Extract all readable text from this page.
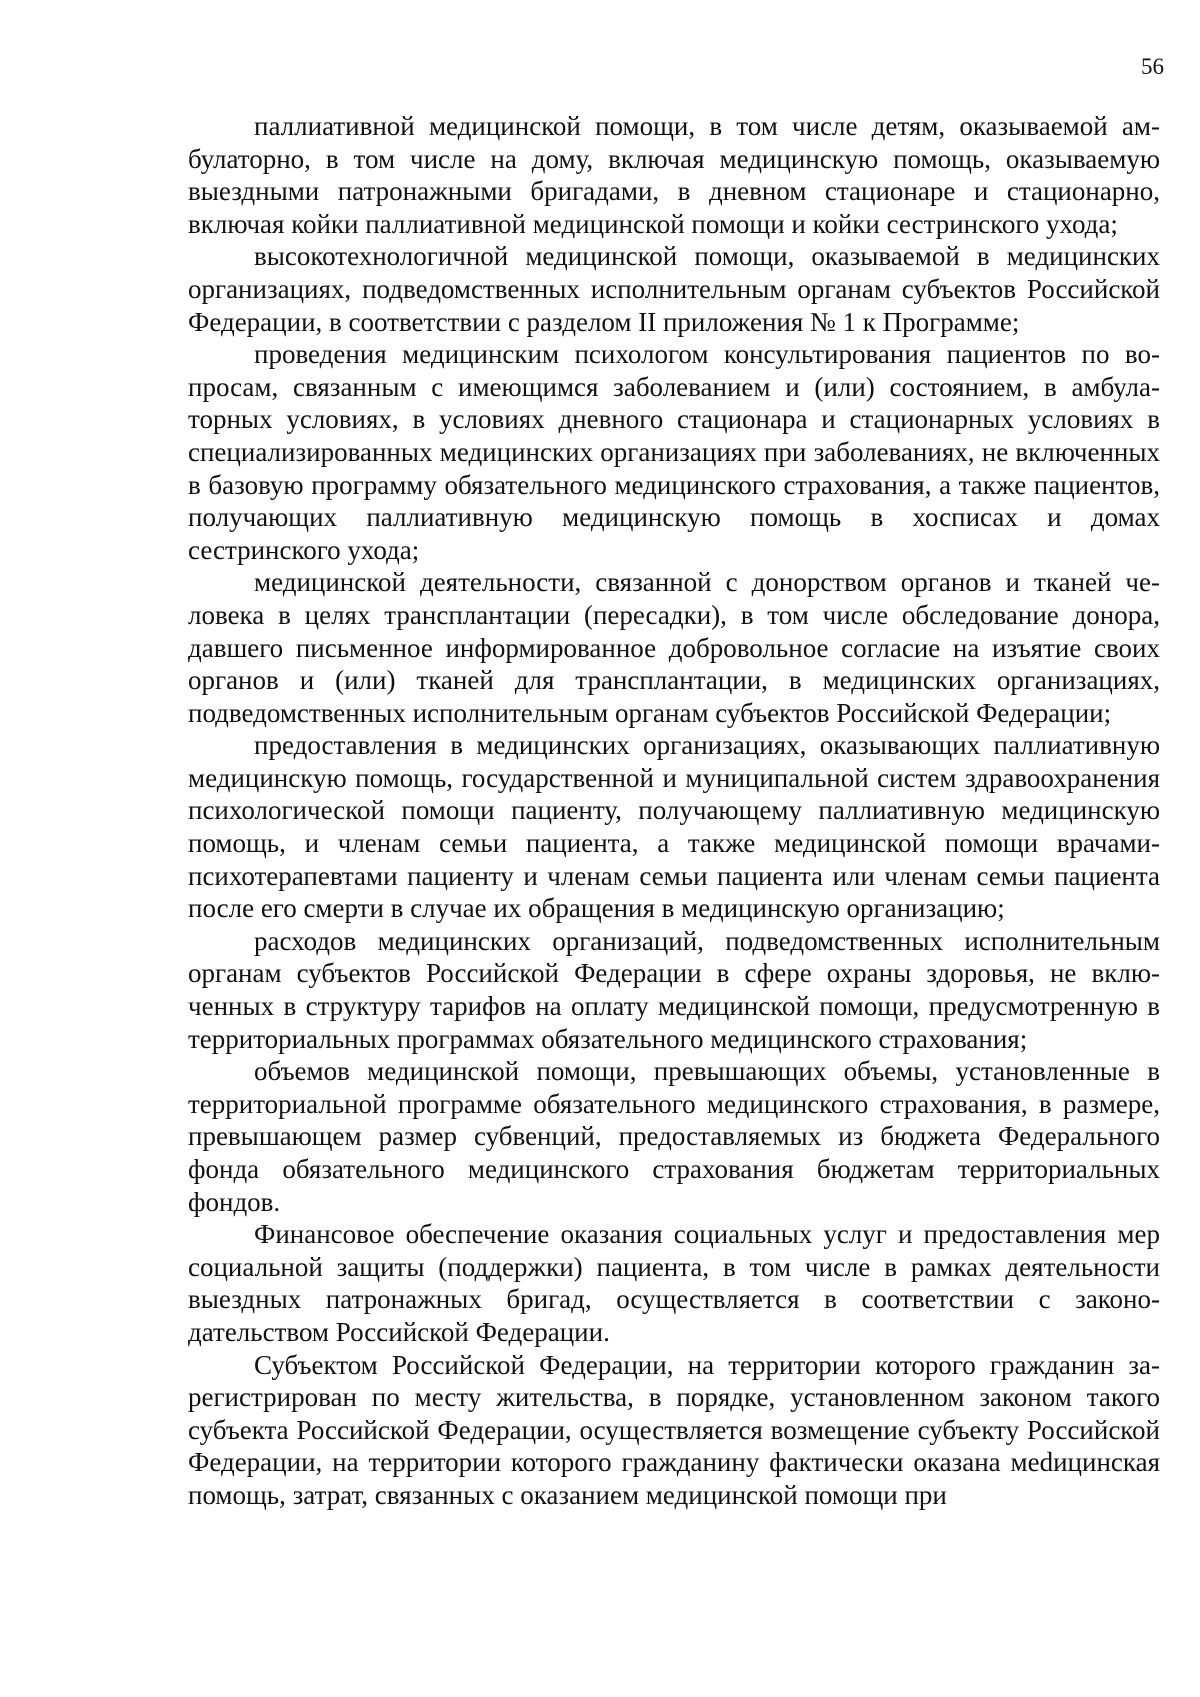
56

паллиативной медицинской помощи, в том числе детям, оказываемой амбулаторно, в том числе на дому, включая медицинскую помощь, оказываемую выездными патронажными бригадами, в дневном стационаре и стационарно, включая койки паллиативной медицинской помощи и койки сестринского ухода;

высокотехнологичной медицинской помощи, оказываемой в медицинских организациях, подведомственных исполнительным органам субъектов Российской Федерации, в соответствии с разделом II приложения № 1 к Программе;

проведения медицинским психологом консультирования пациентов по вопросам, связанным с имеющимся заболеванием и (или) состоянием, в амбулаторных условиях, в условиях дневного стационара и стационарных условиях в специализированных медицинских организациях при заболеваниях, не включенных в базовую программу обязательного медицинского страхования, а также пациентов, получающих паллиативную медицинскую помощь в хосписах и домах сестринского ухода;

медицинской деятельности, связанной с донорством органов и тканей человека в целях трансплантации (пересадки), в том числе обследование донора, давшего письменное информированное добровольное согласие на изъятие своих органов и (или) тканей для трансплантации, в медицинских организациях, подведомственных исполнительным органам субъектов Российской Федерации;

предоставления в медицинских организациях, оказывающих паллиативную медицинскую помощь, государственной и муниципальной систем здравоохранения психологической помощи пациенту, получающему паллиативную медицинскую помощь, и членам семьи пациента, а также медицинской помощи врачами-психотерапевтами пациенту и членам семьи пациента или членам семьи пациента после его смерти в случае их обращения в медицинскую организацию;

расходов медицинских организаций, подведомственных исполнительным органам субъектов Российской Федерации в сфере охраны здоровья, не включенных в структуру тарифов на оплату медицинской помощи, предусмотренную в территориальных программах обязательного медицинского страхования;

объемов медицинской помощи, превышающих объемы, установленные в территориальной программе обязательного медицинского страхования, в размере, превышающем размер субвенций, предоставляемых из бюджета Федерального фонда обязательного медицинского страхования бюджетам территориальных фондов.

Финансовое обеспечение оказания социальных услуг и предоставления мер социальной защиты (поддержки) пациента, в том числе в рамках деятельности выездных патронажных бригад, осуществляется в соответствии с законодательством Российской Федерации.

Субъектом Российской Федерации, на территории которого гражданин зарегистрирован по месту жительства, в порядке, установленном законом такого субъекта Российской Федерации, осуществляется возмещение субъекту Российской Федерации, на территории которого гражданину фактически оказана меdицинская помощь, затрат, связанных с оказанием медицинской помощи при
